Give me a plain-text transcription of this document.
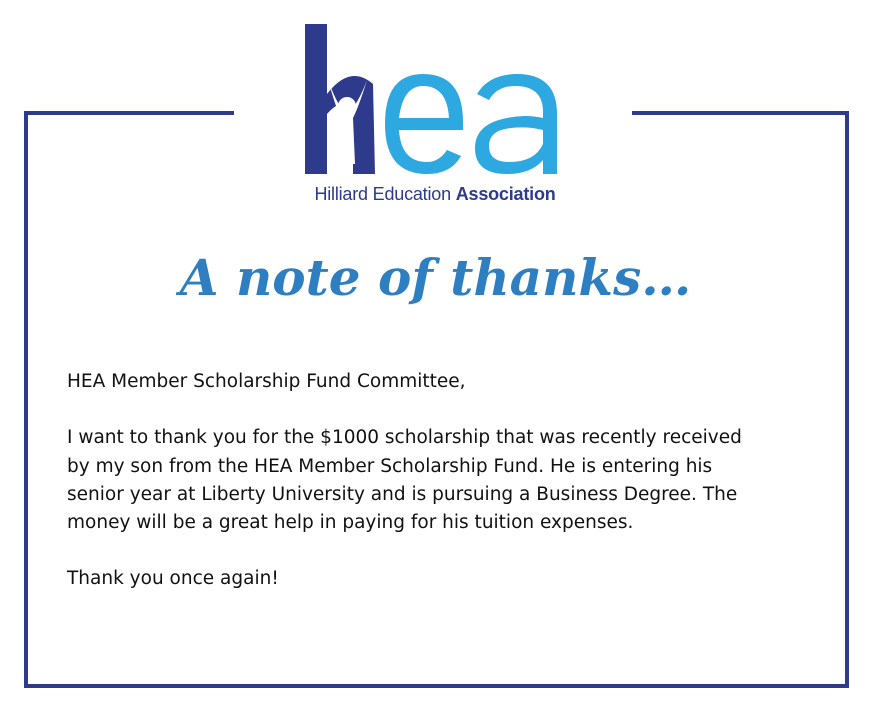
Hilliard Education Association
A note of thanks…

HEA Member Scholarship Fund Committee,

I want to thank you for the $1000 scholarship that was recently received

by my son from the HEA Member Scholarship Fund. He is entering his

senior year at Liberty University and is pursuing a Business Degree. The

money will be a great help in paying for his tuition expenses.

Thank you once again!
